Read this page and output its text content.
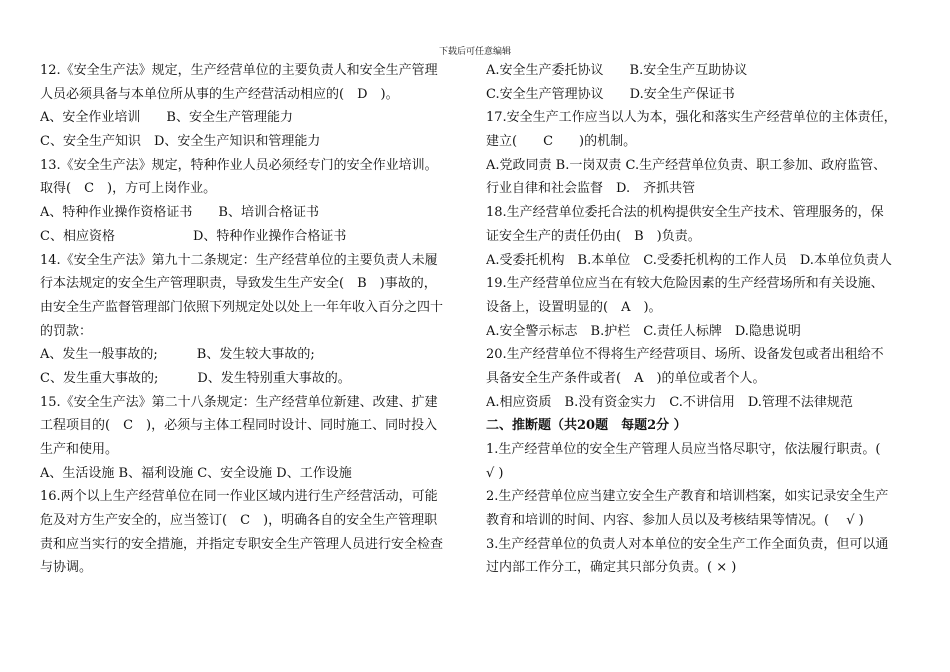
下载后可任意编辑
12.《安全生产法》规定，生产经营单位的主要负责人和安全生产管理
人员必须具备与本单位所从事的生产经营活动相应的(　D　)。
A、安全作业培训　　B、安全生产管理能力
C、安全生产知识　D、安全生产知识和管理能力
13.《安全生产法》规定，特种作业人员必须经专门的安全作业培训。
取得(　C　)，方可上岗作业。
A、特种作业操作资格证书　　B、培训合格证书
C、相应资格　　　　　　D、特种作业操作合格证书
14.《安全生产法》第九十二条规定：生产经营单位的主要负责人未履
行本法规定的安全生产管理职责，导致发生生产安全(　B　)事故的，
由安全生产监督管理部门依照下列规定处以处上一年年收入百分之四十
的罚款：
A、发生一般事故的;　　　B、发生较大事故的;
C、发生重大事故的;　　　D、发生特别重大事故的。
15.《安全生产法》第二十八条规定：生产经营单位新建、改建、扩建
工程项目的(　C　)，必须与主体工程同时设计、同时施工、同时投入
生产和使用。
A、生活设施 B、福利设施 C、安全设施 D、工作设施
16.两个以上生产经营单位在同一作业区域内进行生产经营活动，可能
危及对方生产安全的，应当签订(　C　)，明确各自的安全生产管理职
责和应当实行的安全措施，并指定专职安全生产管理人员进行安全检查
与协调。
A.安全生产委托协议　　B.安全生产互助协议
C.安全生产管理协议　　D.安全生产保证书
17.安全生产工作应当以人为本，强化和落实生产经营单位的主体责任，
建立(　　C　　)的机制。
A.党政同责 B.一岗双责 C.生产经营单位负责、职工参加、政府监管、
行业自律和社会监督　D.　齐抓共管
18.生产经营单位委托合法的机构提供安全生产技术、管理服务的，保
证安全生产的责任仍由(　B　)负责。
A.受委托机构　B.本单位　C.受委托机构的工作人员　D.本单位负责人
19.生产经营单位应当在有较大危险因素的生产经营场所和有关设施、
设备上，设置明显的(　A　)。
A.安全警示标志　B.护栏　C.责任人标牌　D.隐患说明
20.生产经营单位不得将生产经营项目、场所、设备发包或者出租给不
具备安全生产条件或者(　A　)的单位或者个人。
A.相应资质　B.没有资金实力　C.不讲信用　D.管理不法律规范
二、推断题（共20题　每题2分 ）
1.生产经营单位的安全生产管理人员应当恪尽职守，依法履行职责。(
√ )
2.生产经营单位应当建立安全生产教育和培训档案，如实记录安全生产
教育和培训的时间、内容、参加人员以及考核结果等情况。(　 √ )
3.生产经营单位的负责人对本单位的安全生产工作全面负责，但可以通
过内部工作分工，确定其只部分负责。( × )
